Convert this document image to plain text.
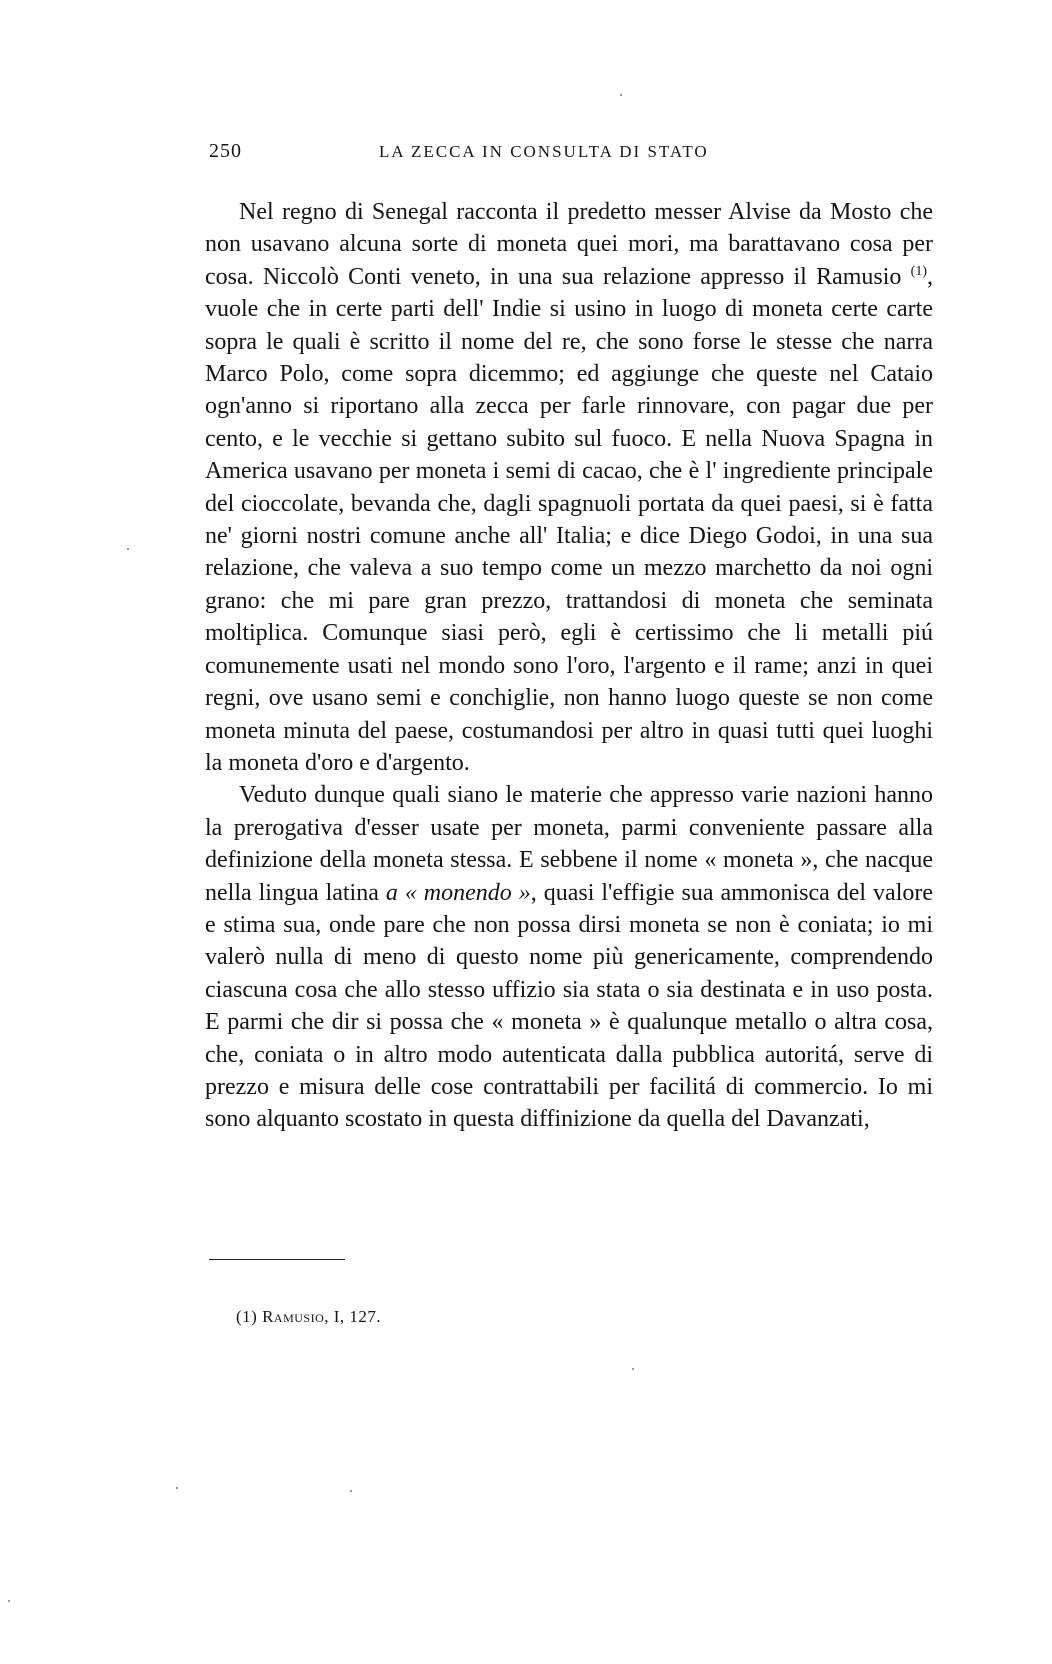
250	LA ZECCA IN CONSULTA DI STATO

Nel regno di Senegal racconta il predetto messer Alvise da Mosto che non usavano alcuna sorte di moneta quei mori, ma barattavano cosa per cosa. Niccolò Conti veneto, in una sua relazione appresso il Ramusio $^{(1)}$, vuole che in certe parti dell' Indie si usino in luogo di moneta certe carte sopra le quali è scritto il nome del re, che sono forse le stesse che narra Marco Polo, come sopra dicemmo; ed aggiunge che queste nel Cataio ogn'anno si riportano alla zecca per farle rinnovare, con pagar due per cento, e le vecchie si gettano subito sul fuoco. E nella Nuova Spagna in America usavano per moneta i semi di cacao, che è l' ingrediente principale del cioccolate, bevanda che, dagli spagnuoli portata da quei paesi, si è fatta ne' giorni nostri comune anche all' Italia; e dice Diego Godoi, in una sua relazione, che valeva a suo tempo come un mezzo marchetto da noi ogni grano: che mi pare gran prezzo, trattandosi di moneta che seminata moltiplica. Comunque siasi però, egli è certissimo che li metalli piú comunemente usati nel mondo sono l'oro, l'argento e il rame; anzi in quei regni, ove usano semi e conchiglie, non hanno luogo queste se non come moneta minuta del paese, costumandosi per altro in quasi tutti quei luoghi la moneta d'oro e d'argento.

Veduto dunque quali siano le materie che appresso varie nazioni hanno la prerogativa d'esser usate per moneta, parmi conveniente passare alla definizione della moneta stessa. E sebbene il nome « moneta », che nacque nella lingua latina a « monendo », quasi l'effigie sua ammonisca del valore e stima sua, onde pare che non possa dirsi moneta se non è coniata; io mi valerò nulla di meno di questo nome più genericamente, comprendendo ciascuna cosa che allo stesso uffizio sia stata o sia destinata e in uso posta. E parmi che dir si possa che « moneta » è qualunque metallo o altra cosa, che, coniata o in altro modo autenticata dalla pubblica autoritá, serve di prezzo e misura delle cose contrattabili per facilitá di commercio. Io mi sono alquanto scostato in questa diffinizione da quella del Davanzati,

(1) Ramusio, I, 127.
